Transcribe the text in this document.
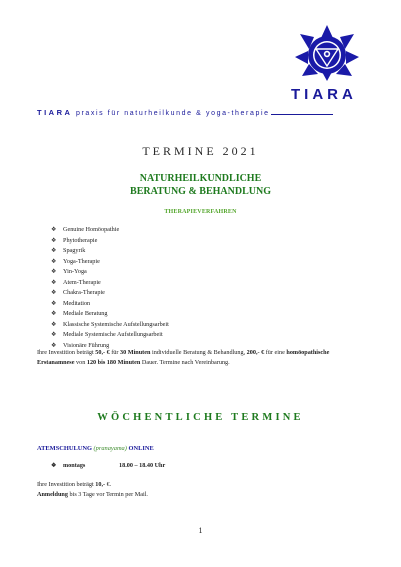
TIARA
TIARA praxis für naturheilkunde & yoga-therapie
TERMINE 2021
NATURHEILKUNDLICHE
BERATUNG & BEHANDLUNG
THERAPIEVERFAHREN
❖ Genuine Homöopathie
❖ Phytotherapie
❖ Spagyrik
❖ Yoga-Therapie
❖ Yin-Yoga
❖ Atem-Therapie
❖ Chakra-Therapie
❖ Meditation
❖ Mediale Beratung
❖ Klassische Systemische Aufstellungsarbeit
❖ Mediale Systemische Aufstellungsarbeit
❖ Visionäre Führung
Ihre Investition beträgt 50,- € für 30 Minuten individuelle Beratung & Behandlung, 200,- € für eine homöopathische Erstanamnese von 120 bis 180 Minuten Dauer. Termine nach Vereinbarung.
WÖCHENTLICHE TERMINE
ATEMSCHULUNG (pranayama) ONLINE
❖ montags	18.00 – 18.40 Uhr
Ihre Investition beträgt 10,- €.
Anmeldung bis 3 Tage vor Termin per Mail.
1
